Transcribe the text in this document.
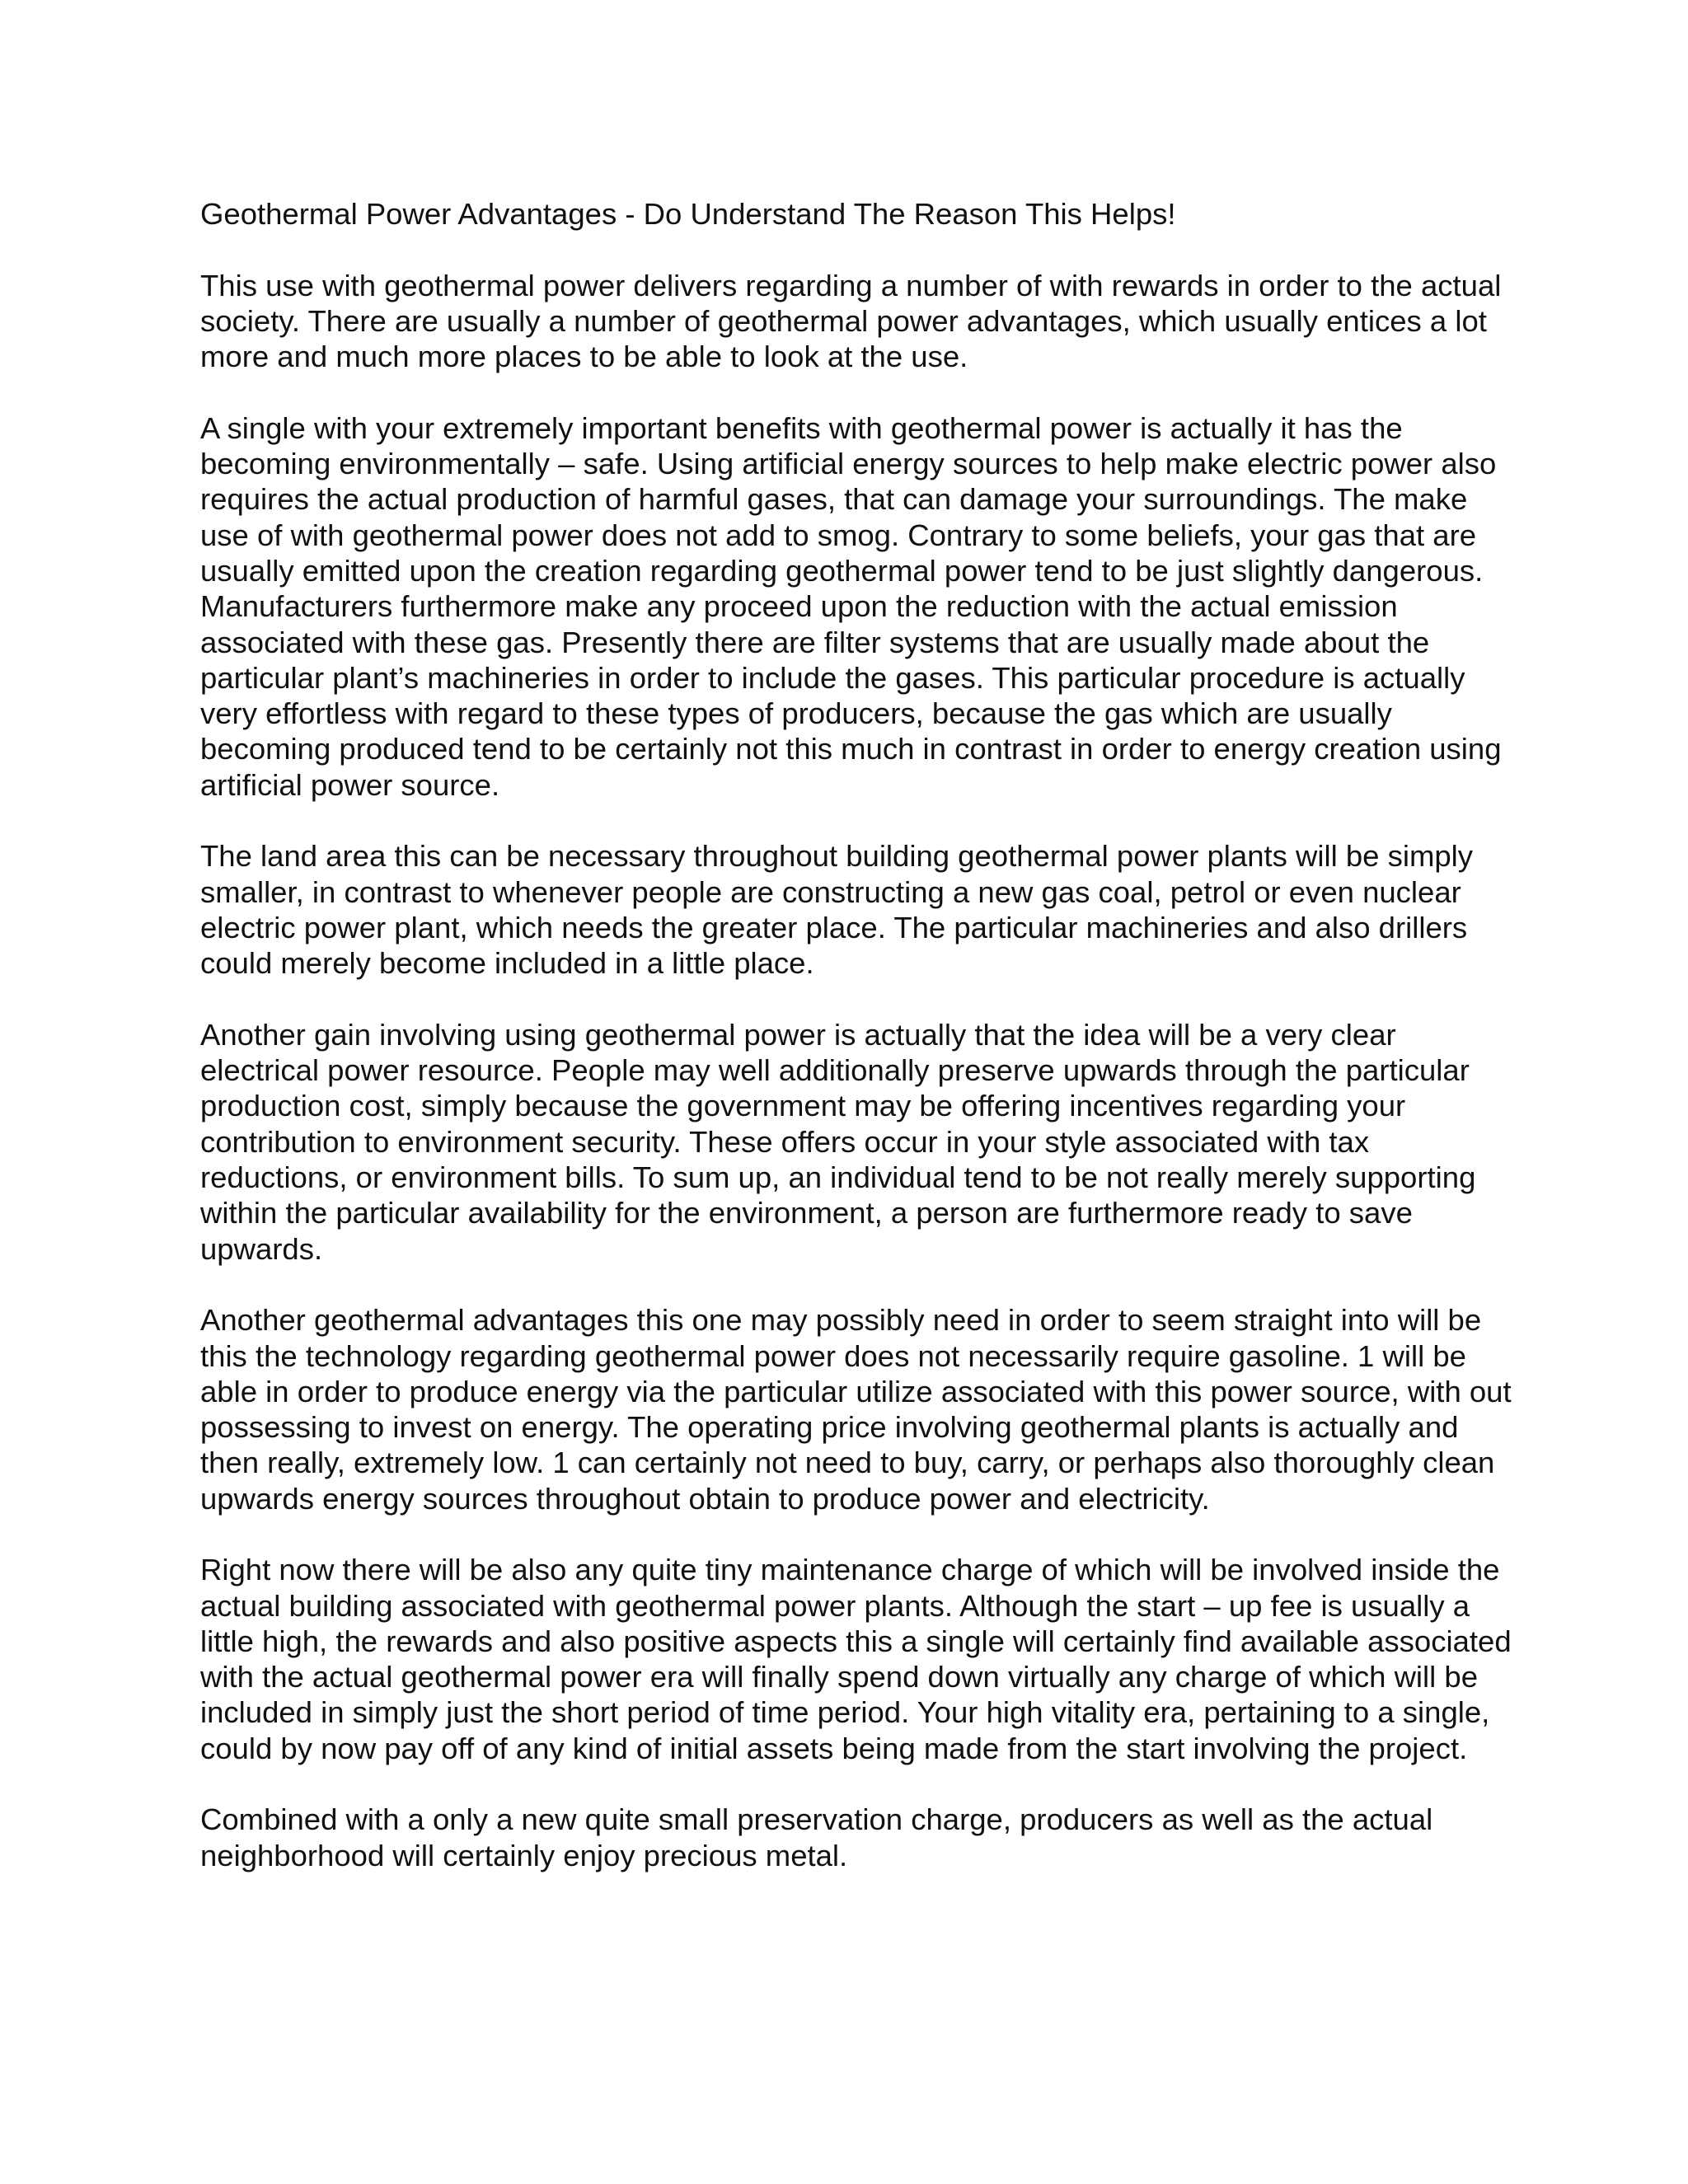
Geothermal Power Advantages - Do Understand The Reason This Helps!

This use with geothermal power delivers regarding a number of with rewards in order to the actual society. There are usually a number of geothermal power advantages, which usually entices a lot more and much more places to be able to look at the use.

A single with your extremely important benefits with geothermal power is actually it has the becoming environmentally – safe. Using artificial energy sources to help make electric power also requires the actual production of harmful gases, that can damage your surroundings. The make use of with geothermal power does not add to smog. Contrary to some beliefs, your gas that are usually emitted upon the creation regarding geothermal power tend to be just slightly dangerous. Manufacturers furthermore make any proceed upon the reduction with the actual emission associated with these gas. Presently there are filter systems that are usually made about the particular plant’s machineries in order to include the gases. This particular procedure is actually very effortless with regard to these types of producers, because the gas which are usually becoming produced tend to be certainly not this much in contrast in order to energy creation using artificial power source.

The land area this can be necessary throughout building geothermal power plants will be simply smaller, in contrast to whenever people are constructing a new gas coal, petrol or even nuclear electric power plant, which needs the greater place. The particular machineries and also drillers could merely become included in a little place.

Another gain involving using geothermal power is actually that the idea will be a very clear electrical power resource. People may well additionally preserve upwards through the particular production cost, simply because the government may be offering incentives regarding your contribution to environment security. These offers occur in your style associated with tax reductions, or environment bills. To sum up, an individual tend to be not really merely supporting within the particular availability for the environment, a person are furthermore ready to save upwards.

Another geothermal advantages this one may possibly need in order to seem straight into will be this the technology regarding geothermal power does not necessarily require gasoline. 1 will be able in order to produce energy via the particular utilize associated with this power source, with out possessing to invest on energy. The operating price involving geothermal plants is actually and then really, extremely low. 1 can certainly not need to buy, carry, or perhaps also thoroughly clean upwards energy sources throughout obtain to produce power and electricity.

Right now there will be also any quite tiny maintenance charge of which will be involved inside the actual building associated with geothermal power plants. Although the start – up fee is usually a little high, the rewards and also positive aspects this a single will certainly find available associated with the actual geothermal power era will finally spend down virtually any charge of which will be included in simply just the short period of time period. Your high vitality era, pertaining to a single, could by now pay off of any kind of initial assets being made from the start involving the project.

Combined with a only a new quite small preservation charge, producers as well as the actual neighborhood will certainly enjoy precious metal.
